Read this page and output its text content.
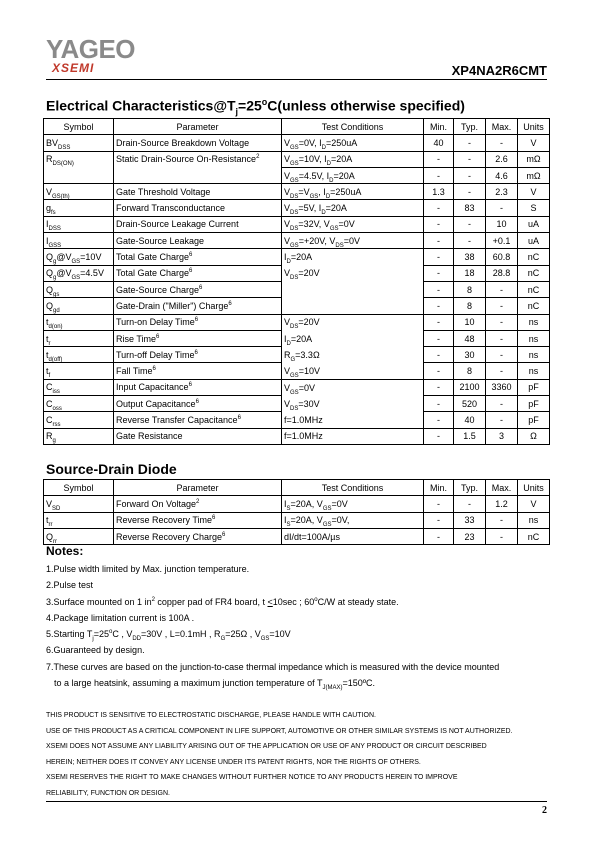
YAGEO
XSEMI	XP4NA2R6CMT
Electrical $Characteristics@T_j=25^oC(unless$ otherwise specified)
Symbol	Parameter	Test Conditions	Min.	Typ.	Max.	Units
$BV_{DSS}$	Drain-Source Breakdown Voltage	$V_{GS}=0V$, $I_D=250uA$	40	-	-	V
$R_{DS(ON)}$	Static Drain-Source On-Resistance$^2$	$V_{GS}=10V$, $I_D=20A$	-	-	2.6	mΩ
		$V_{GS}=4.5V$, $I_D=20A$	-	-	4.6	mΩ
$V_{GS(th)}$	Gate Threshold Voltage	$V_{DS}=V_{GS}$, $I_D=250uA$	1.3	-	2.3	V
$g_{fs}$	Forward Transconductance	$V_{DS}=5V$, $I_D=20A$	-	83	-	S
$I_{DSS}$	Drain-Source Leakage Current	$V_{DS}=32V$, $V_{GS}=0V$	-	-	10	uA
$I_{GSS}$	Gate-Source Leakage	$V_{GS}=+20V$, $V_{DS}=0V$	-	-	+0.1	uA
$Q_g@V_{GS}=10V$	Total Gate Charge$^6$	$I_D=20A$	-	38	60.8	nC
$Q_g@V_{GS}=4.5V$	Total Gate Charge$^6$	$V_{DS}=20V$	-	18	28.8	nC
$Q_{gs}$	Gate-Source Charge$^6$		-	8	-	nC
$Q_{gd}$	Gate-Drain ("Miller") Charge$^6$		-	8	-	nC
$t_{d(on)}$	Turn-on Delay Time$^6$	$V_{DS}=20V$	-	10	-	ns
$t_r$	Rise Time$^6$	$I_D=20A$	-	48	-	ns
$t_{d(off)}$	Turn-off Delay Time$^6$	$R_G=3.3\Omega$	-	30	-	ns
$t_f$	Fall Time$^6$	$V_{GS}=10V$	-	8	-	ns
$C_{iss}$	Input Capacitance$^6$	$V_{GS}=0V$	-	2100	3360	pF
$C_{oss}$	Output Capacitance$^6$	$V_{DS}=30V$	-	520	-	pF
$C_{rss}$	Reverse Transfer Capacitance$^6$	f=1.0MHz	-	40	-	pF
$R_g$	Gate Resistance	f=1.0MHz	-	1.5	3	Ω
Source-Drain Diode
Symbol	Parameter	Test Conditions	Min.	Typ.	Max.	Units
$V_{SD}$	Forward On Voltage$^2$	$I_S=20A$, $V_{GS}=0V$	-	-	1.2	V
$t_{rr}$	Reverse Recovery Time$^6$	$I_S=20A$, $V_{GS}=0V$,	-	33	-	ns
$Q_{rr}$	Reverse Recovery Charge$^6$	dI/dt=100A/µs	-	23	-	nC
Notes:
1.Pulse width limited by Max. junction temperature.
2.Pulse test
3.Surface mounted on 1 $in^2$ copper pad of FR4 board, t <10sec ; 60$^o$C/W at steady state.
4.Package limitation current is 100A .
5.Starting $T_j=25^oC$ , $V_{DD}=30V$ , L=0.1mH , $R_G=25\Omega$ , $V_{GS}=10V$
6.Guaranteed by design.
7.These curves are based on the junction-to-case thermal impedance which is measured with the device mounted
to a large heatsink, assuming a maximum junction temperature of $T_{J(MAX)}=150ºC$.
THIS PRODUCT IS SENSITIVE TO ELECTROSTATIC DISCHARGE, PLEASE HANDLE WITH CAUTION.
USE OF THIS PRODUCT AS A CRITICAL COMPONENT IN LIFE SUPPORT, AUTOMOTIVE OR OTHER SIMILAR SYSTEMS IS NOT AUTHORIZED.
XSEMI DOES NOT ASSUME ANY LIABILITY ARISING OUT OF THE APPLICATION OR USE OF ANY PRODUCT OR CIRCUIT DESCRIBED
HEREIN; NEITHER DOES IT CONVEY ANY LICENSE UNDER ITS PATENT RIGHTS, NOR THE RIGHTS OF OTHERS.
XSEMI RESERVES THE RIGHT TO MAKE CHANGES WITHOUT FURTHER NOTICE TO ANY PRODUCTS HEREIN TO IMPROVE
RELIABILITY, FUNCTION OR DESIGN.
2
